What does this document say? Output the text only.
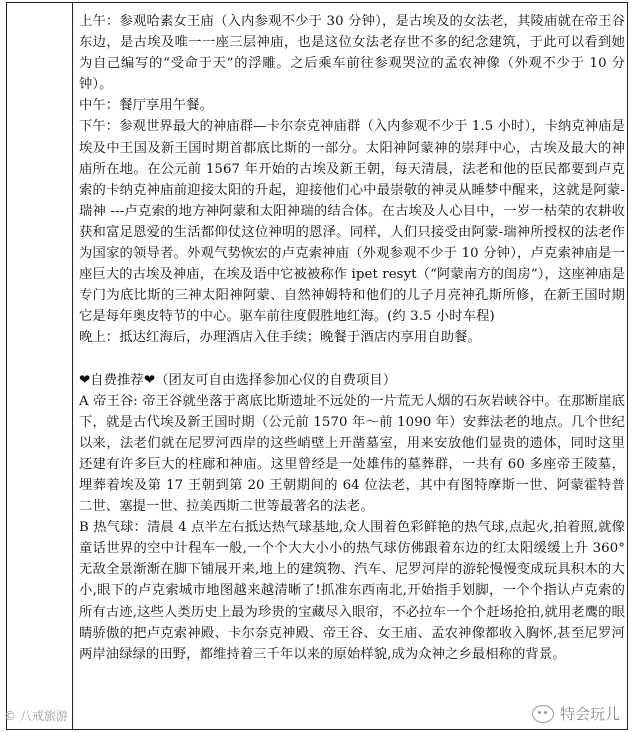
上午：参观哈素女王庙（入内参观不少于 30 分钟），是古埃及的女法老，其陵庙就在帝王谷东边，是古埃及唯一一座三层神庙，也是这位女法老存世不多的纪念建筑，于此可以看到她为自己编写的“受命于天”的浮雕。之后乘车前往参观哭泣的孟农神像（外观不少于 10 分钟）。

中午：餐厅享用午餐。

下午：参观世界最大的神庙群—卡尔奈克神庙群（入内参观不少于 1.5 小时），卡纳克神庙是埃及中王国及新王国时期首都底比斯的一部分。太阳神阿蒙神的崇拜中心，古埃及最大的神庙所在地。在公元前 1567 年开始的古埃及新王朝，每天清晨，法老和他的臣民都要到卢克索的卡纳克神庙前迎接太阳的升起，迎接他们心中最崇敬的神灵从睡梦中醒来，这就是阿蒙-瑞神 ---卢克索的地方神阿蒙和太阳神瑞的结合体。在古埃及人心目中，一岁一枯荣的农耕收获和富足恩爱的生活都仰仗这位神明的恩泽。同样，人们只接受由阿蒙-瑞神所授权的法老作为国家的领导者。外观气势恢宏的卢克索神庙（外观参观不少于 10 分钟），卢克索神庙是一座巨大的古埃及神庙，在埃及语中它被被称作 ipet resyt（“阿蒙南方的闺房”），这座神庙是专门为底比斯的三神太阳神阿蒙、自然神姆特和他们的儿子月亮神孔斯所修，在新王国时期它是每年奥皮特节的中心。驱车前往度假胜地红海。(约 3.5 小时车程)

晚上：抵达红海后，办理酒店入住手续；晚餐于酒店内享用自助餐。

❤自费推荐❤（团友可自由选择参加心仪的自费项目）

A 帝王谷: 帝王谷就坐落于离底比斯遗址不远处的一片荒无人烟的石灰岩峡谷中。在那断崖底下，就是古代埃及新王国时期（公元前 1570 年～前 1090 年）安葬法老的地点。几个世纪以来，法老们就在尼罗河西岸的这些峭壁上开凿墓室，用来安放他们显贵的遗体，同时这里还建有许多巨大的柱廊和神庙。这里曾经是一处雄伟的墓葬群，一共有 60 多座帝王陵墓，埋葬着埃及第 17 王朝到第 20 王朝期间的 64 位法老，其中有图特摩斯一世、阿蒙霍特普二世、塞提一世、拉美西斯二世等最著名的法老。

B 热气球：清晨 4 点半左右抵达热气球基地,众人围着色彩鲜艳的热气球,点起火,拍着照,就像童话世界的空中计程车一般,一个个大大小小的热气球仿佛跟着东边的红太阳缓缓上升 360° 无敌全景渐渐在脚下铺展开来,地上的建筑物、汽车、尼罗河岸的游轮慢慢变成玩具积木的大小,眼下的卢克索城市地图越来越清晰了!抓准东西南北,开始指手划脚，一个个指认卢克索的所有古迹,这些人类历史上最为珍贵的宝藏尽入眼帘，不必拉车一个个赶场抢拍,就用老鹰的眼睛骄傲的把卢克索神殿、卡尔奈克神殿、帝王谷、女王庙、孟农神像都收入胸怀,甚至尼罗河两岸油绿绿的田野，都维持着三千年以来的原始样貌,成为众神之乡最相称的背景。

© 八戒旅游	特会玩儿
